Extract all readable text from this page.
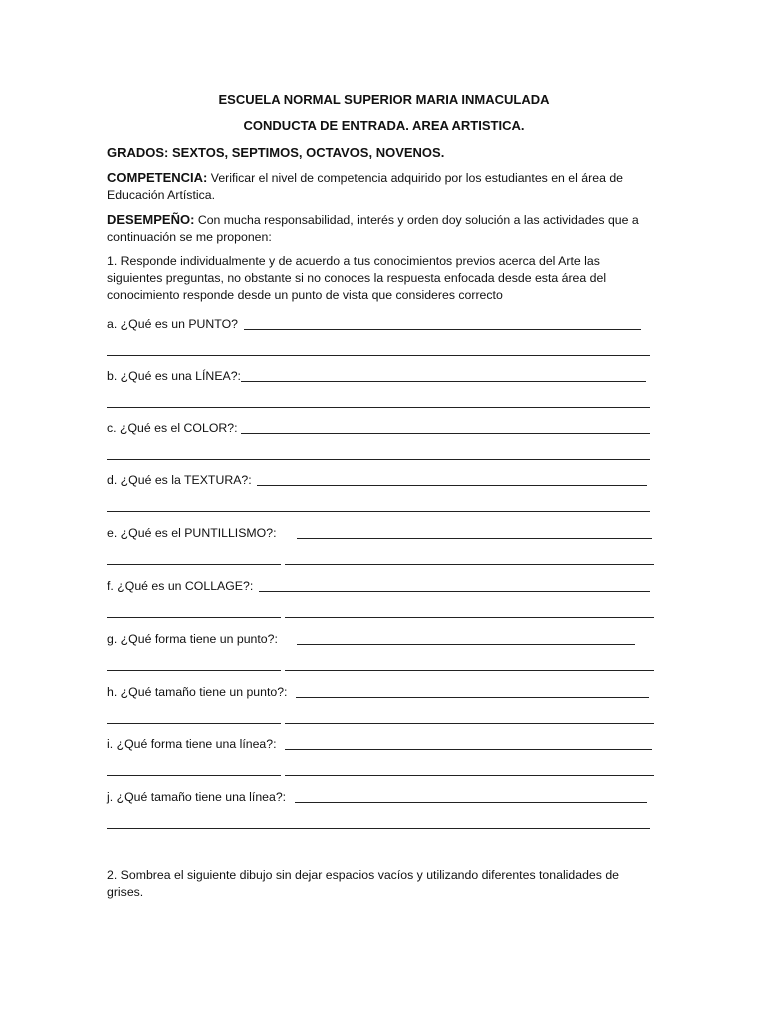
ESCUELA NORMAL SUPERIOR MARIA INMACULADA
CONDUCTA DE ENTRADA. AREA ARTISTICA.
GRADOS: SEXTOS, SEPTIMOS, OCTAVOS, NOVENOS.
COMPETENCIA: Verificar el nivel de competencia adquirido por los estudiantes en el área de Educación Artística.
DESEMPEÑO: Con mucha responsabilidad, interés y orden doy solución a las actividades que a continuación se me proponen:
1. Responde individualmente y de acuerdo a tus conocimientos previos acerca del Arte las siguientes preguntas, no obstante si no conoces la respuesta enfocada desde esta área del conocimiento responde desde un punto de vista que consideres correcto
a. ¿Qué es un PUNTO?
b. ¿Qué es una LÍNEA?:
c. ¿Qué es el COLOR?:
d. ¿Qué es la TEXTURA?:
e. ¿Qué es el PUNTILLISMO?:
f. ¿Qué es un COLLAGE?:
g. ¿Qué forma tiene un punto?:
h. ¿Qué tamaño tiene un punto?:
i. ¿Qué forma tiene una línea?:
j. ¿Qué tamaño tiene una línea?:
2. Sombrea el siguiente dibujo sin dejar espacios vacíos y utilizando diferentes tonalidades de grises.
